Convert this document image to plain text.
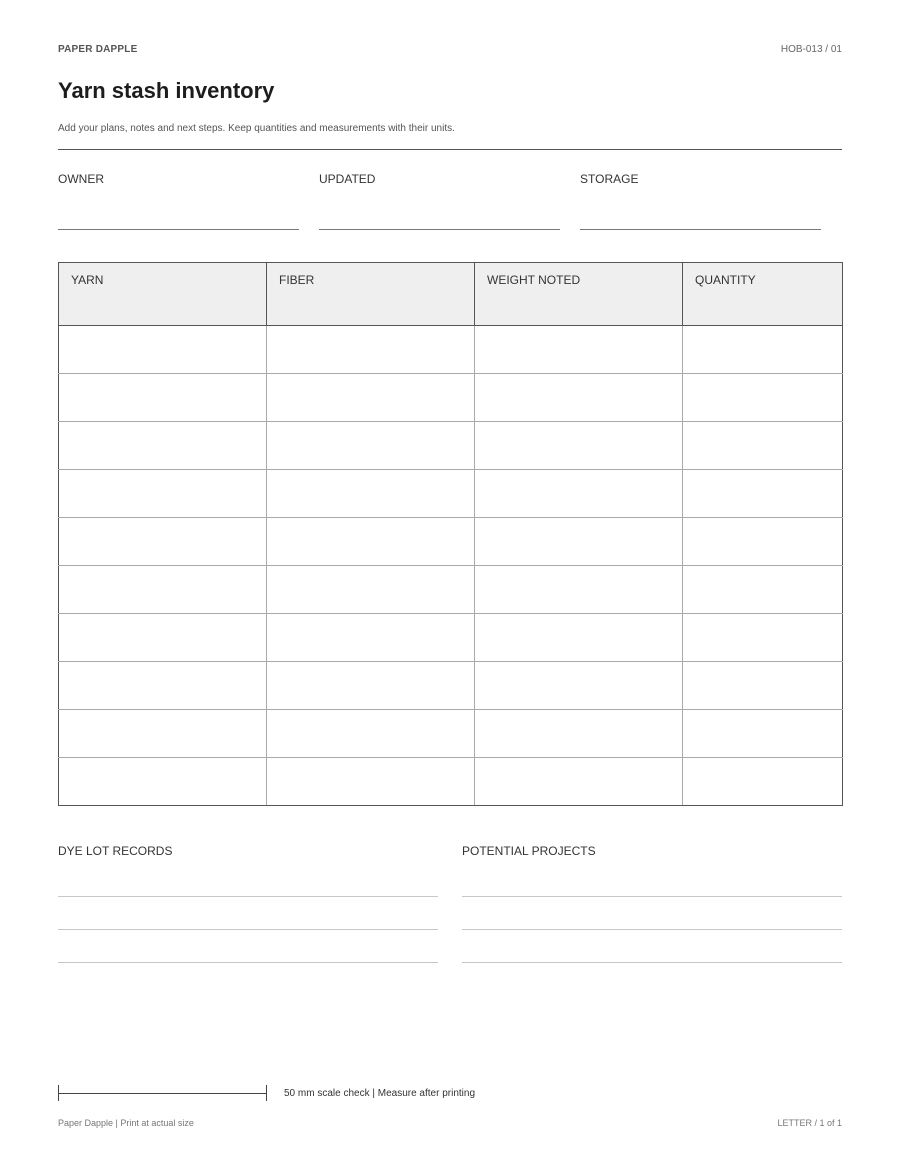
PAPER DAPPLE	HOB-013 / 01
Yarn stash inventory
Add your plans, notes and next steps. Keep quantities and measurements with their units.
OWNER	UPDATED	STORAGE
YARN	FIBER	WEIGHT NOTED	QUANTITY

DYE LOT RECORDS	POTENTIAL PROJECTS
50 mm scale check | Measure after printing
Paper Dapple | Print at actual size	LETTER / 1 of 1
